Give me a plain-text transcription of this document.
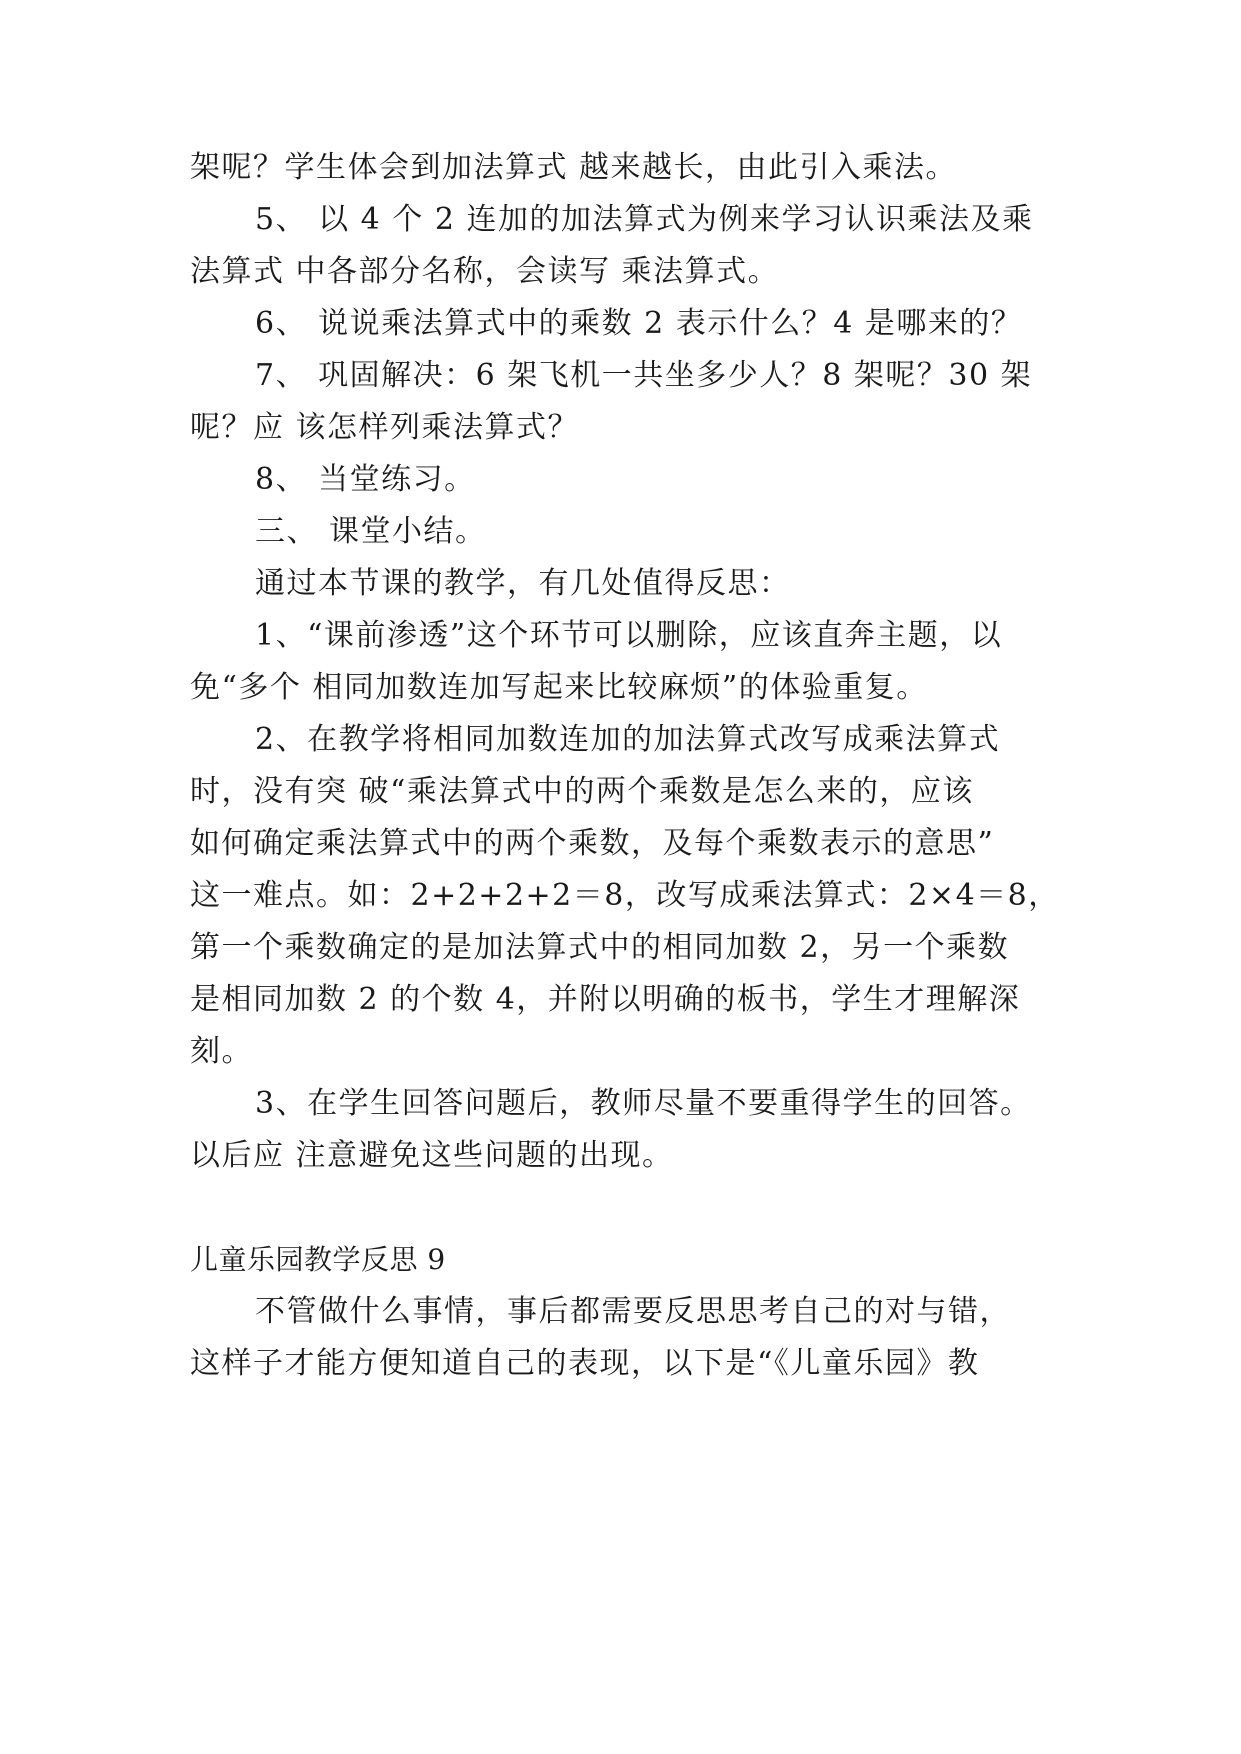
架呢？学生体会到加法算式 越来越长，由此引入乘法。

5、 以 4 个 2 连加的加法算式为例来学习认识乘法及乘

法算式 中各部分名称，会读写 乘法算式。

6、 说说乘法算式中的乘数 2 表示什么？4 是哪来的？

7、 巩固解决：6 架飞机一共坐多少人？8 架呢？30 架

呢？应 该怎样列乘法算式？

8、 当堂练习。

三、 课堂小结。

通过本节课的教学，有几处值得反思：

1、“课前渗透”这个环节可以删除，应该直奔主题，以

免“多个 相同加数连加写起来比较麻烦”的体验重复。

2、在教学将相同加数连加的加法算式改写成乘法算式

时，没有突 破“乘法算式中的两个乘数是怎么来的，应该

如何确定乘法算式中的两个乘数，及每个乘数表示的意思”

这一难点。如：2+2+2+2＝8，改写成乘法算式：2×4＝8，

第一个乘数确定的是加法算式中的相同加数 2，另一个乘数

是相同加数 2 的个数 4，并附以明确的板书，学生才理解深

刻。

3、在学生回答问题后，教师尽量不要重得学生的回答。

以后应 注意避免这些问题的出现。

儿童乐园教学反思 9

不管做什么事情，事后都需要反思思考自己的对与错，

这样子才能方便知道自己的表现，以下是“《儿童乐园》教
